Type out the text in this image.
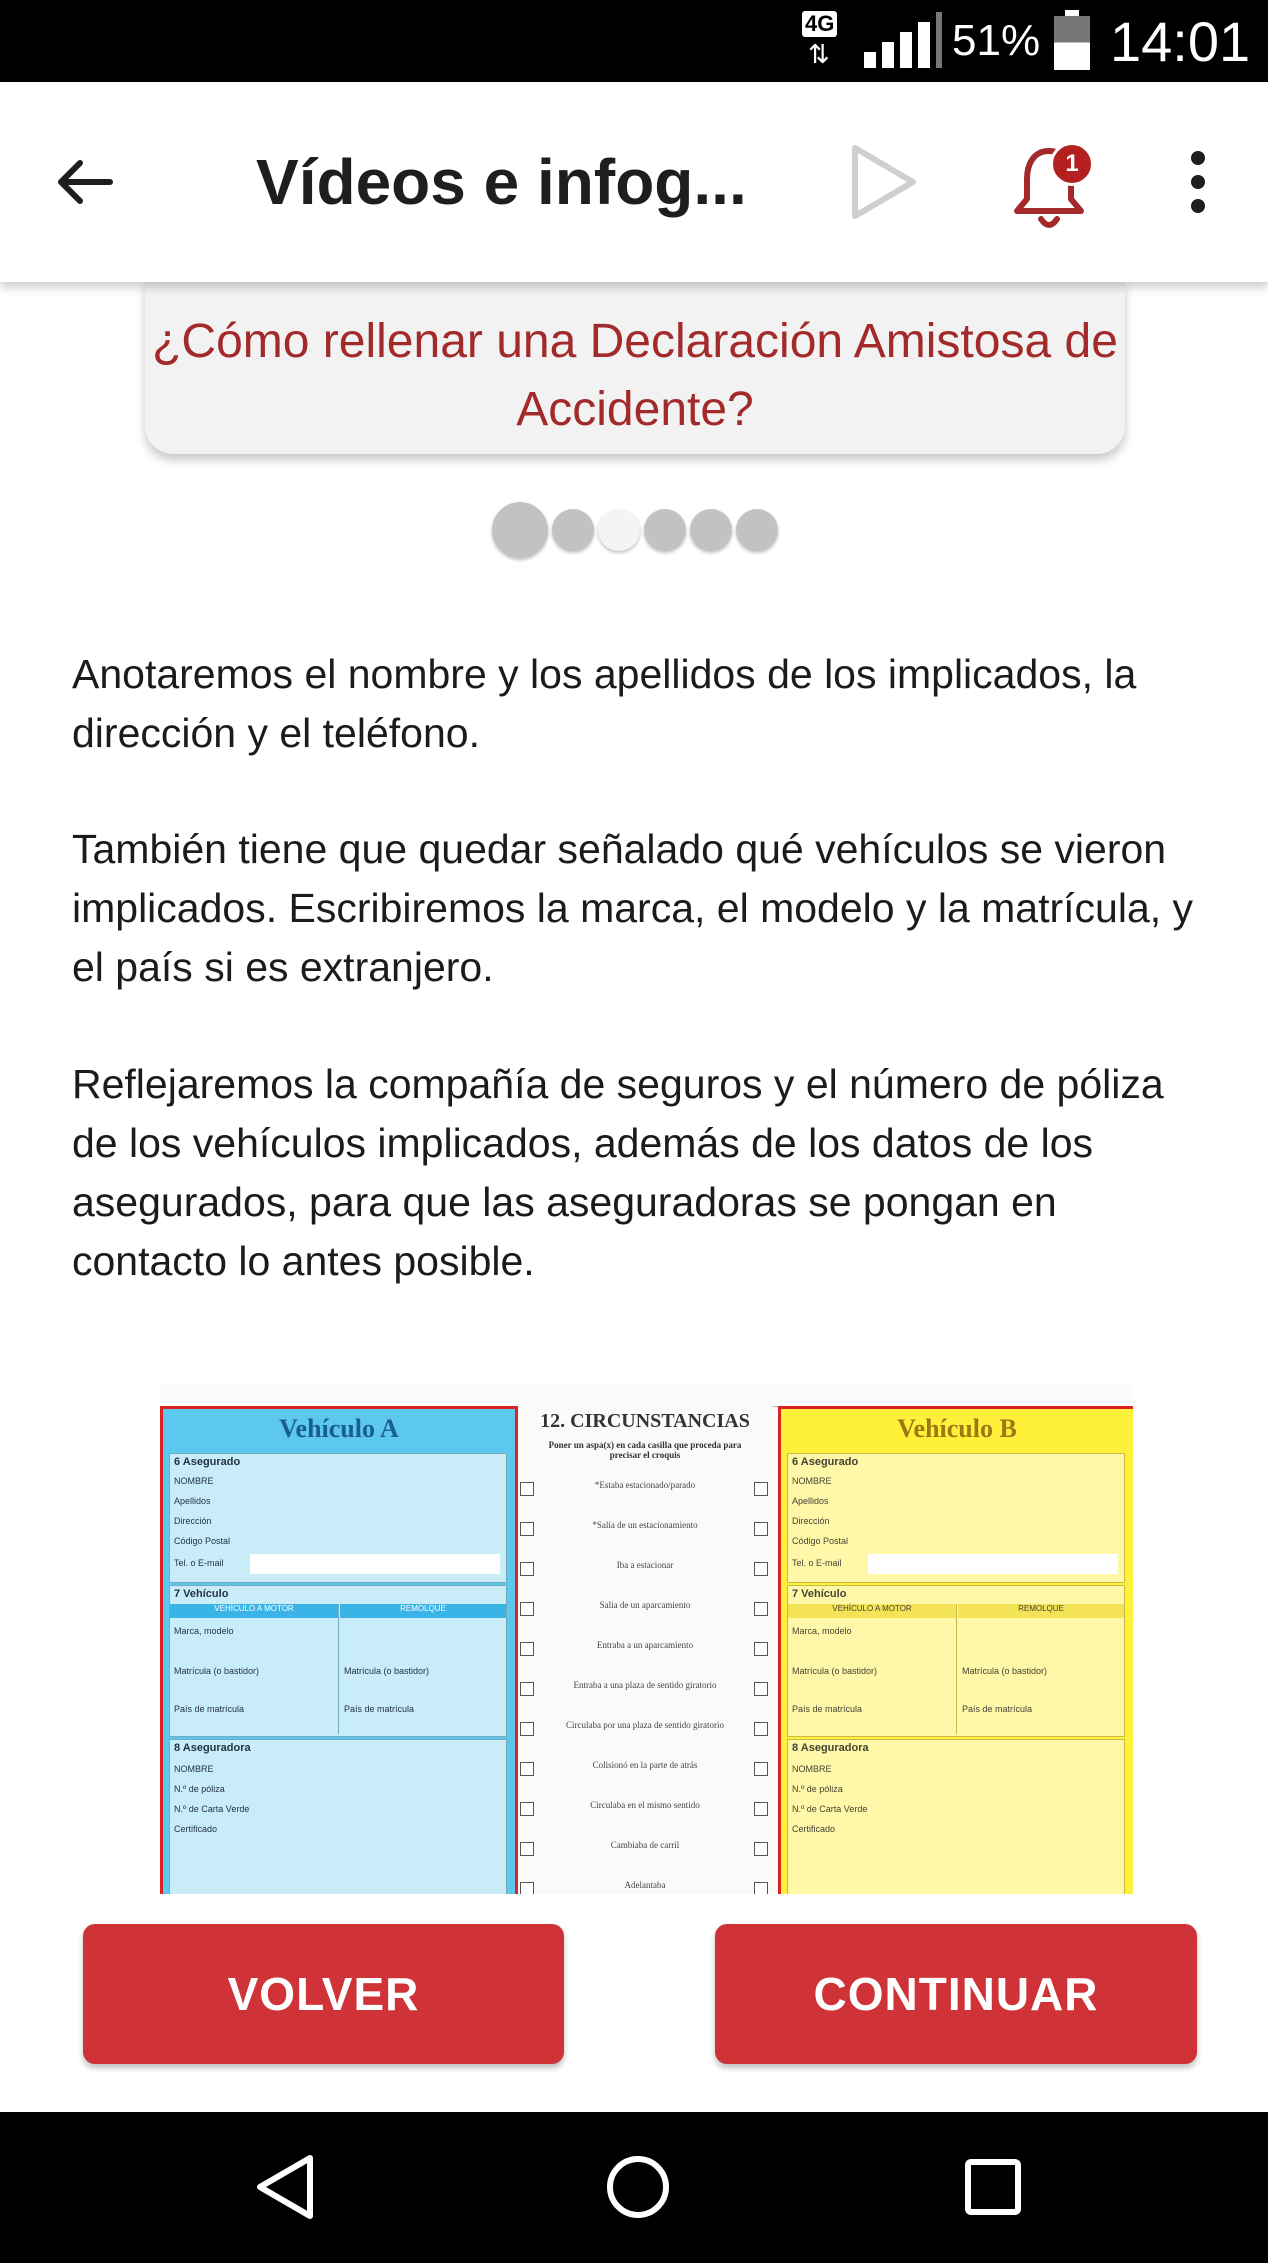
4G
⇅	51% 14:01
Vídeos e infog...	1
¿Cómo rellenar una Declaración Amistosa de Accidente?

Anotaremos el nombre y los apellidos de los implicados, la dirección y el teléfono.

También tiene que quedar señalado qué vehículos se vieron implicados. Escribiremos la marca, el modelo y la matrícula, y el país si es extranjero.

Reflejaremos la compañía de seguros y el número de póliza de los vehículos implicados, además de los datos de los asegurados, para que las aseguradoras se pongan en contacto lo antes posible.

Vehículo A
6 Asegurado
NOMBRE
Apellidos
Dirección
Código Postal
Tel. o E-mail
7 Vehículo
VEHÍCULO A MOTOR	REMOLQUE
Marca, modelo
Matrícula (o bastidor)	Matrícula (o bastidor)
País de matrícula	País de matrícula
8 Aseguradora
NOMBRE
N.º de póliza
N.º de Carta Verde
Certificado
12. CIRCUNSTANCIAS
Poner un aspa(x) en cada casilla que proceda para precisar el croquis
*Estaba estacionado/parado
*Salía de un estacionamiento
Iba a estacionar
Salía de un aparcamiento
Entraba a un aparcamiento
Entraba a una plaza de sentido giratorio
Circulaba por una plaza de sentido giratorio
Colisionó en la parte de atrás
Circulaba en el mismo sentido
Cambiaba de carril
Adelantaba
Vehículo B
6 Asegurado
NOMBRE
Apellidos
Dirección
Código Postal
Tel. o E-mail
7 Vehículo
VEHÍCULO A MOTOR	REMOLQUE
Marca, modelo
Matrícula (o bastidor)	Matrícula (o bastidor)
País de matrícula	País de matrícula
8 Aseguradora
NOMBRE
N.º de póliza
N.º de Carta Verde
Certificado
VOLVER	CONTINUAR
